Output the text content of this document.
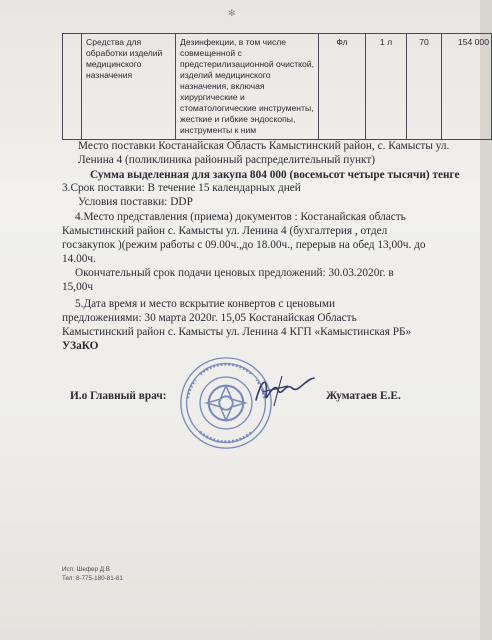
✻
	Средства для обработки изделий медицинского назначения	Дезинфекции, в том числе совмещенной с предстерилизационной очисткой, изделий медицинского назначения, включая хирургические и стоматологические инструменты, жесткие и гибкие эндоскопы, инструменты к ним	Фл	1 л	70	154 000
Место поставки Костанайская Область Камыстинский район, с. Камысты ул.
Ленина 4 (поликлиника районный распределительный пункт)
Сумма выделенная для закупа 804 000 (восемьсот четыре тысячи) тенге
3.Срок поставки: В течение 15 календарных дней
Условия поставки: DDP
4.Место представления (приема) документов : Костанайская область
Камыстинский район с. Камысты ул. Ленина 4 (бухгалтерия , отдел
госзакупок )(режим работы с 09.00ч.,до 18.00ч., перерыв на обед 13,00ч. до
14.00ч.
Окончательный срок подачи ценовых предложений: 30.03.2020г. в
15,00ч
5.Дата время и место вскрытие конвертов с ценовыми
предложениями: 30 марта 2020г. 15,05 Костанайская Область
Камыстинский район с. Камысты ул. Ленина 4 КГП «Камыстинская РБ»
УЗаКО
И.о Главный врач:	Жуматаев Е.Е.
Исп: Шефер Д.В
Тел: 8-775-180-81-81
